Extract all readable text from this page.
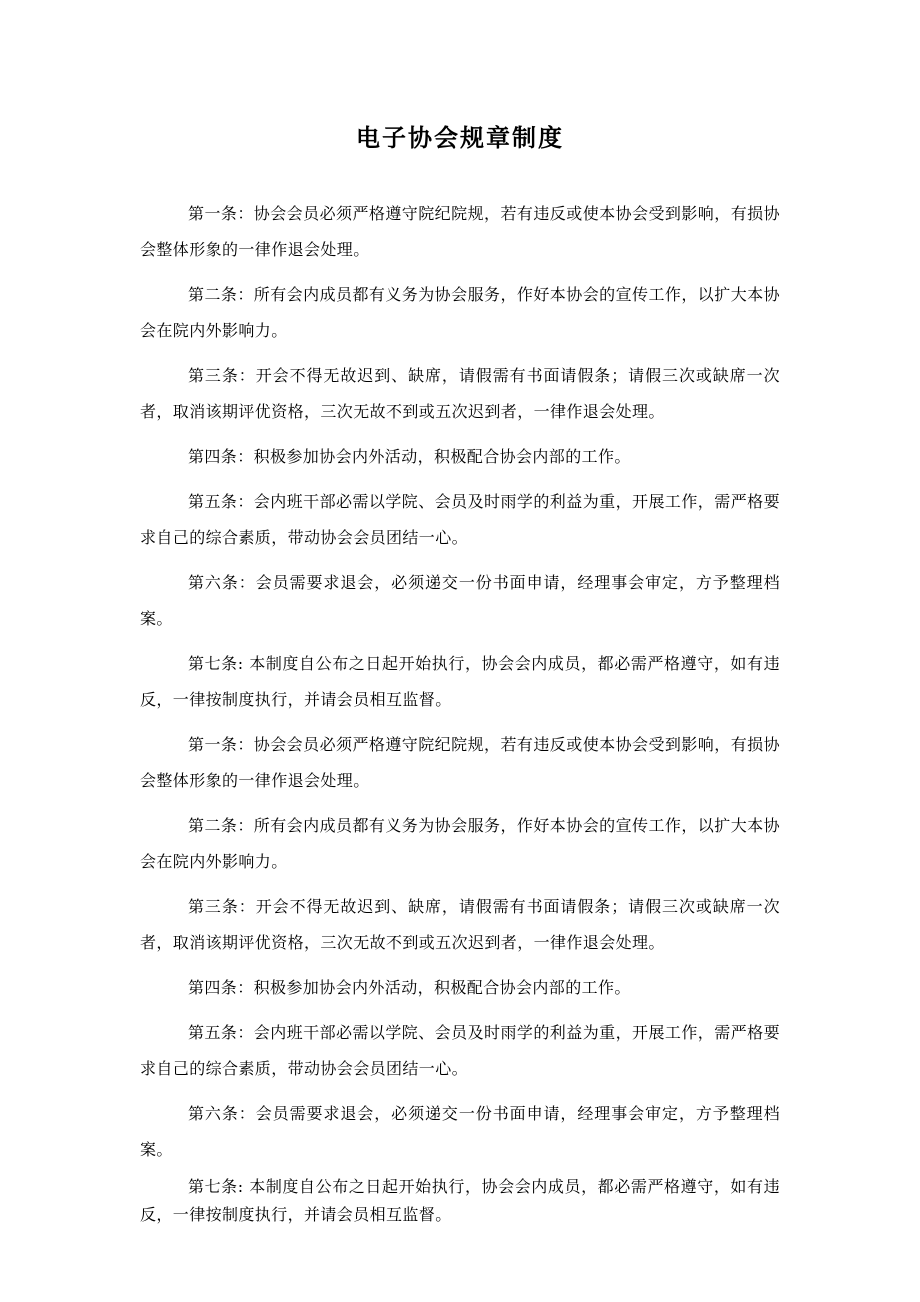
电子协会规章制度

第一条：协会会员必须严格遵守院纪院规，若有违反或使本协会受到影响，有损协会整体形象的一律作退会处理。

第二条：所有会内成员都有义务为协会服务，作好本协会的宣传工作，以扩大本协会在院内外影响力。

第三条：开会不得无故迟到、缺席，请假需有书面请假条；请假三次或缺席一次者，取消该期评优资格，三次无故不到或五次迟到者，一律作退会处理。

第四条：积极参加协会内外活动，积极配合协会内部的工作。

第五条：会内班干部必需以学院、会员及时雨学的利益为重，开展工作，需严格要求自己的综合素质，带动协会会员团结一心。

第六条：会员需要求退会，必须递交一份书面申请，经理事会审定，方予整理档案。

第七条: 本制度自公布之日起开始执行，协会会内成员，都必需严格遵守，如有违反，一律按制度执行，并请会员相互监督。

第一条：协会会员必须严格遵守院纪院规，若有违反或使本协会受到影响，有损协会整体形象的一律作退会处理。

第二条：所有会内成员都有义务为协会服务，作好本协会的宣传工作，以扩大本协会在院内外影响力。

第三条：开会不得无故迟到、缺席，请假需有书面请假条；请假三次或缺席一次者，取消该期评优资格，三次无故不到或五次迟到者，一律作退会处理。

第四条：积极参加协会内外活动，积极配合协会内部的工作。

第五条：会内班干部必需以学院、会员及时雨学的利益为重，开展工作，需严格要求自己的综合素质，带动协会会员团结一心。

第六条：会员需要求退会，必须递交一份书面申请，经理事会审定，方予整理档案。

第七条: 本制度自公布之日起开始执行，协会会内成员，都必需严格遵守，如有违反，一律按制度执行，并请会员相互监督。
